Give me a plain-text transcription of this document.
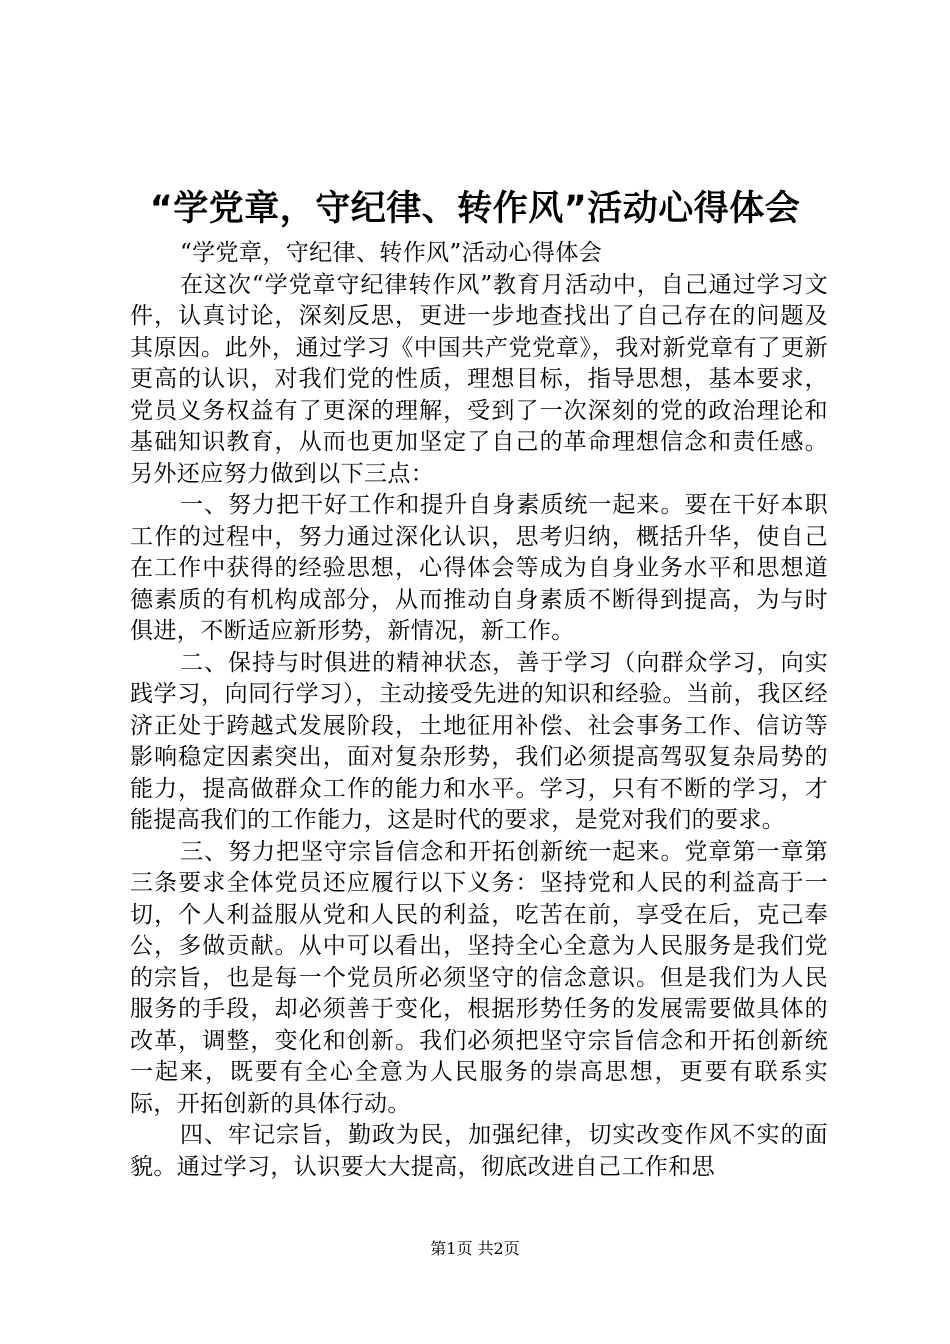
“学党章，守纪律、转作风”活动心得体会

“学党章，守纪律、转作风”活动心得体会

在这次“学党章守纪律转作风”教育月活动中，自己通过学习文件，认真讨论，深刻反思，更进一步地查找出了自己存在的问题及其原因。此外，通过学习《中国共产党党章》，我对新党章有了更新更高的认识，对我们党的性质，理想目标，指导思想，基本要求，党员义务权益有了更深的理解，受到了一次深刻的党的政治理论和基础知识教育，从而也更加坚定了自己的革命理想信念和责任感。另外还应努力做到以下三点：

一、努力把干好工作和提升自身素质统一起来。要在干好本职工作的过程中，努力通过深化认识，思考归纳，概括升华，使自己在工作中获得的经验思想，心得体会等成为自身业务水平和思想道德素质的有机构成部分，从而推动自身素质不断得到提高，为与时俱进，不断适应新形势，新情况，新工作。

二、保持与时俱进的精神状态，善于学习（向群众学习，向实践学习，向同行学习），主动接受先进的知识和经验。当前，我区经济正处于跨越式发展阶段，土地征用补偿、社会事务工作、信访等影响稳定因素突出，面对复杂形势，我们必须提高驾驭复杂局势的能力，提高做群众工作的能力和水平。学习，只有不断的学习，才能提高我们的工作能力，这是时代的要求，是党对我们的要求。

三、努力把坚守宗旨信念和开拓创新统一起来。党章第一章第三条要求全体党员还应履行以下义务：坚持党和人民的利益高于一切，个人利益服从党和人民的利益，吃苦在前，享受在后，克己奉公，多做贡献。从中可以看出，坚持全心全意为人民服务是我们党的宗旨，也是每一个党员所必须坚守的信念意识。但是我们为人民服务的手段，却必须善于变化，根据形势任务的发展需要做具体的改革，调整，变化和创新。我们必须把坚守宗旨信念和开拓创新统一起来，既要有全心全意为人民服务的崇高思想，更要有联系实际，开拓创新的具体行动。

四、牢记宗旨，勤政为民，加强纪律，切实改变作风不实的面貌。通过学习，认识要大大提高，彻底改进自己工作和思

第1页 共2页
